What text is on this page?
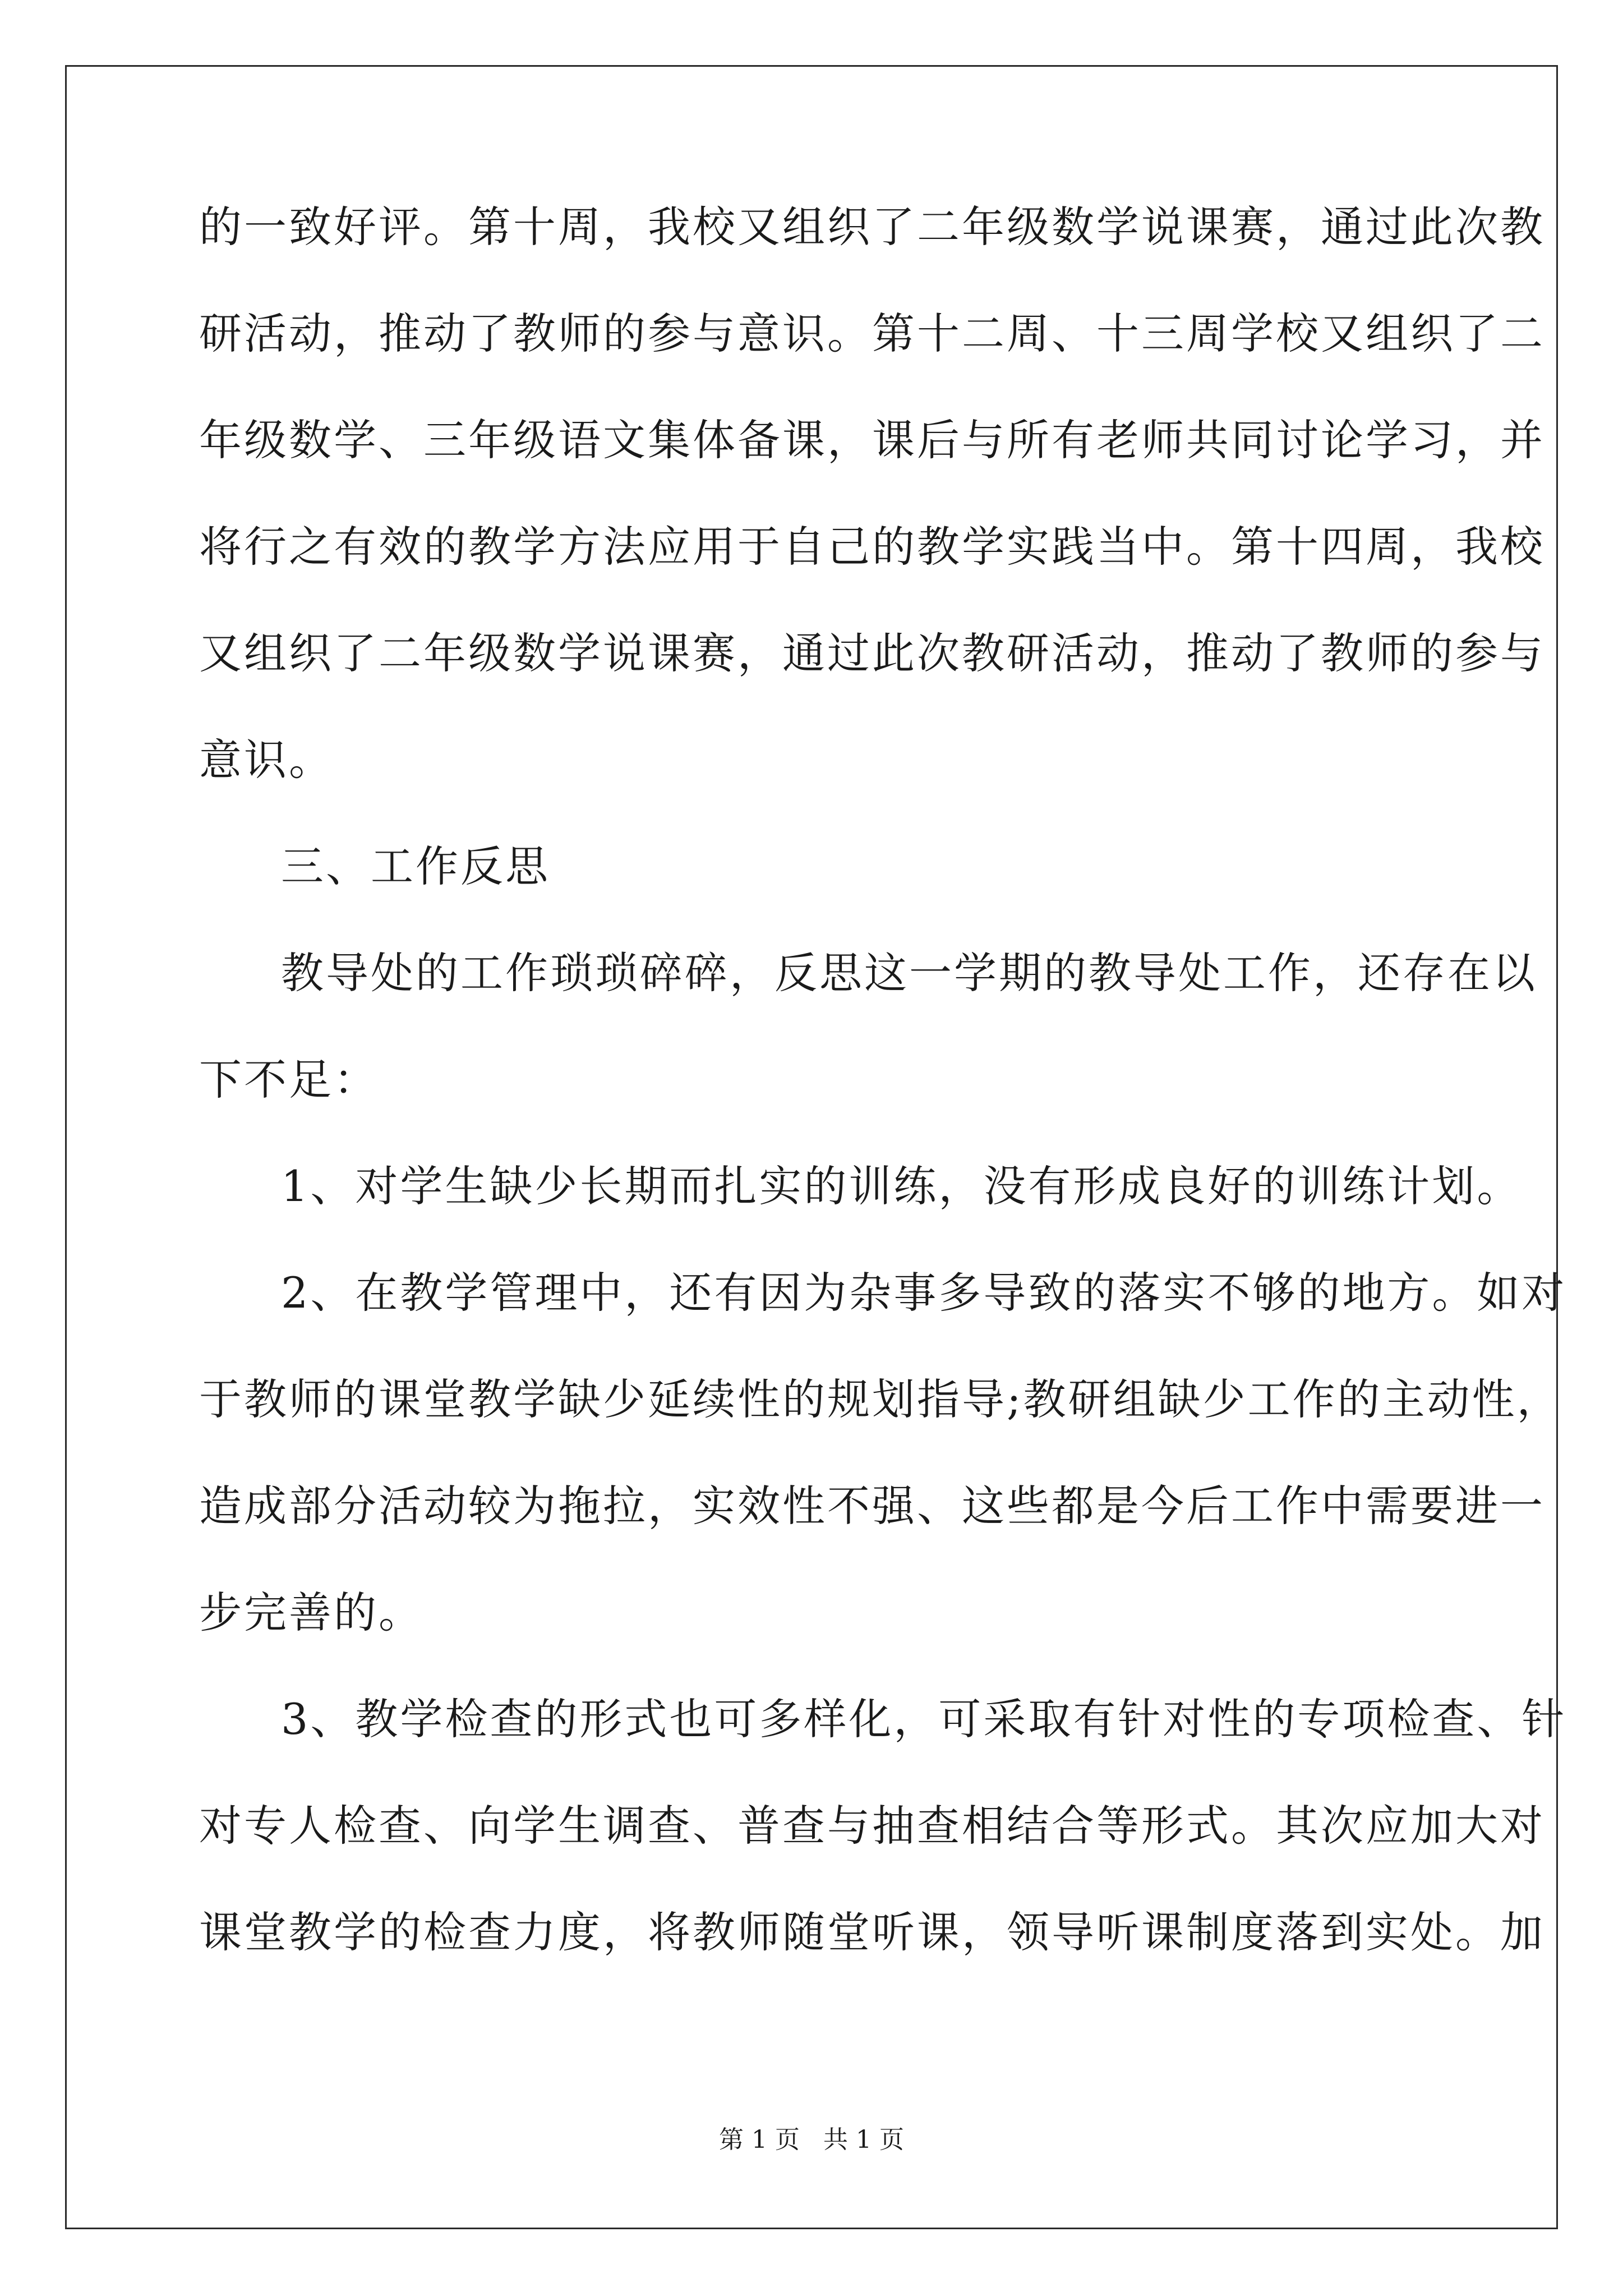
的一致好评。第十周，我校又组织了二年级数学说课赛，通过此次教
研活动，推动了教师的参与意识。第十二周、十三周学校又组织了二
年级数学、三年级语文集体备课，课后与所有老师共同讨论学习，并
将行之有效的教学方法应用于自己的教学实践当中。第十四周，我校
又组织了二年级数学说课赛，通过此次教研活动，推动了教师的参与
意识。
三、工作反思
教导处的工作琐琐碎碎，反思这一学期的教导处工作，还存在以
下不足：
1、对学生缺少长期而扎实的训练，没有形成良好的训练计划。
2、在教学管理中，还有因为杂事多导致的落实不够的地方。如对
于教师的课堂教学缺少延续性的规划指导;教研组缺少工作的主动性，
造成部分活动较为拖拉，实效性不强、这些都是今后工作中需要进一
步完善的。
3、教学检查的形式也可多样化，可采取有针对性的专项检查、针
对专人检查、向学生调查、普查与抽查相结合等形式。其次应加大对
课堂教学的检查力度，将教师随堂听课，领导听课制度落到实处。加
第 1 页   共 1 页
